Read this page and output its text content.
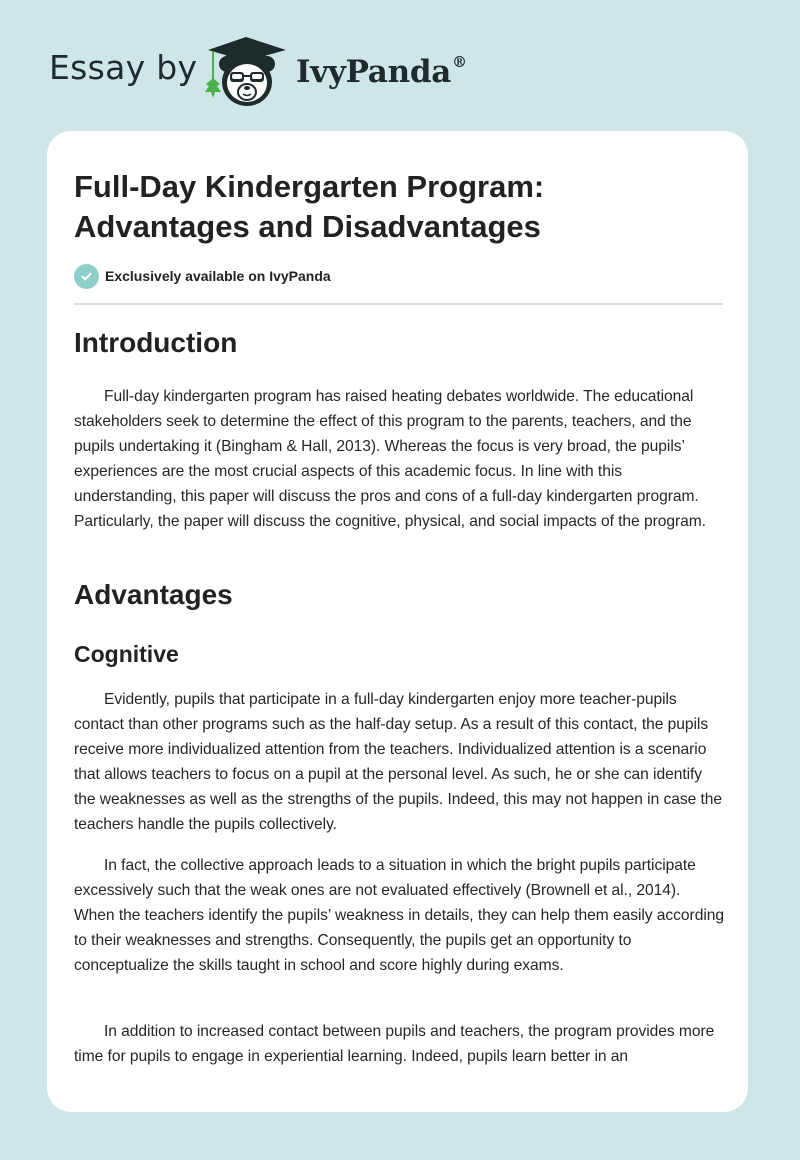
Essay by	IvyPanda®
Full-Day Kindergarten Program: Advantages and Disadvantages
Exclusively available on IvyPanda
Introduction

Full-day kindergarten program has raised heating debates worldwide. The educational stakeholders seek to determine the effect of this program to the parents, teachers, and the pupils undertaking it (Bingham & Hall, 2013). Whereas the focus is very broad, the pupils’ experiences are the most crucial aspects of this academic focus. In line with this understanding, this paper will discuss the pros and cons of a full-day kindergarten program. Particularly, the paper will discuss the cognitive, physical, and social impacts of the program.

Advantages
Cognitive

Evidently, pupils that participate in a full-day kindergarten enjoy more teacher-pupils contact than other programs such as the half-day setup. As a result of this contact, the pupils receive more individualized attention from the teachers. Individualized attention is a scenario that allows teachers to focus on a pupil at the personal level. As such, he or she can identify the weaknesses as well as the strengths of the pupils. Indeed, this may not happen in case the teachers handle the pupils collectively.

In fact, the collective approach leads to a situation in which the bright pupils participate excessively such that the weak ones are not evaluated effectively (Brownell et al., 2014). When the teachers identify the pupils’ weakness in details, they can help them easily according to their weaknesses and strengths. Consequently, the pupils get an opportunity to conceptualize the skills taught in school and score highly during exams.

In addition to increased contact between pupils and teachers, the program provides more time for pupils to engage in experiential learning. Indeed, pupils learn better in an
